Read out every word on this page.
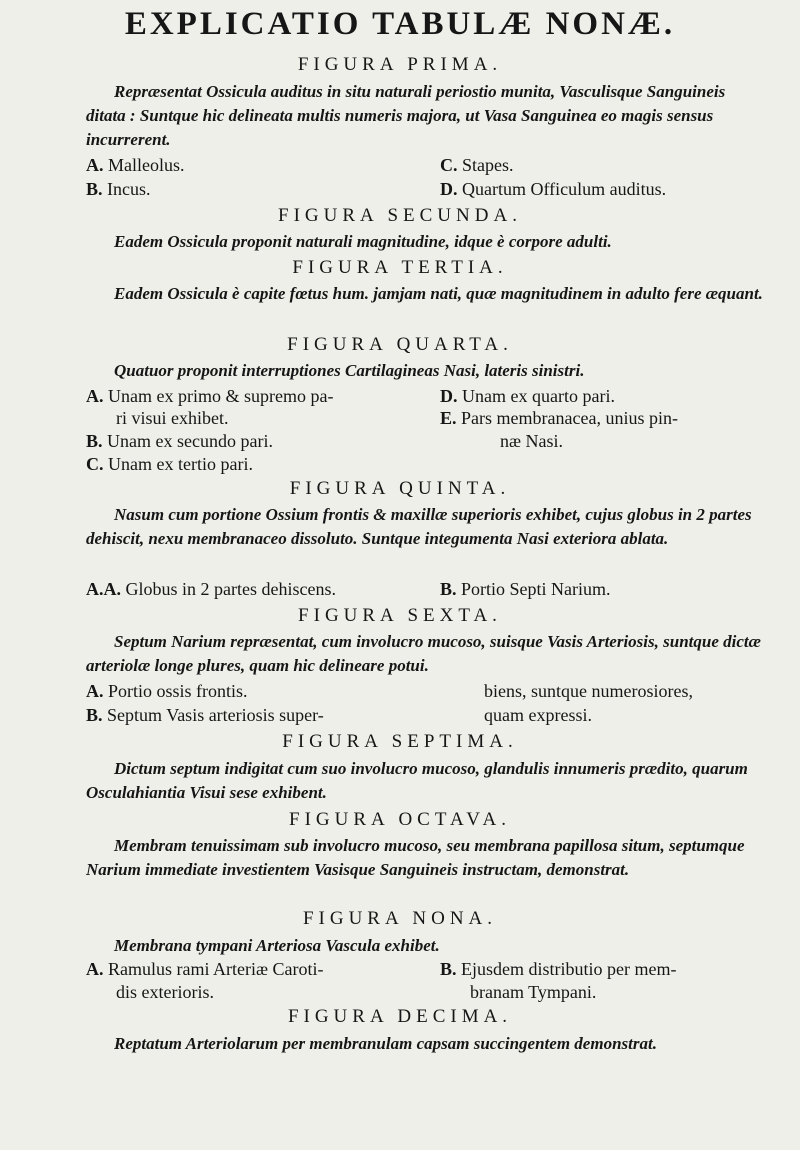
EXPLICATIO TABULÆ NONÆ.
FIGURA PRIMA.
Repræsentat Ossicula auditus in situ naturali periostio munita, Vasculisque Sanguineis ditata : Suntque hic delineata multis numeris majora, ut Vasa Sanguinea eo magis sensus incurrerent.
A. Malleolus.
B. Incus.
C. Stapes.
D. Quartum Officulum auditus.
FIGURA SECUNDA.
Eadem Ossicula proponit naturali magnitudine, idque è corpore adulti.
FIGURA TERTIA.
Eadem Ossicula è capite fœtus hum. jamjam nati, quæ magnitudinem in adulto fere æquant.
FIGURA QUARTA.
Quatuor proponit interruptiones Cartilagineas Nasi, lateris sinistri.
A. Unam ex primo & supremo pa-
ri visui exhibet.
B. Unam ex secundo pari.
C. Unam ex tertio pari.
D. Unam ex quarto pari.
E. Pars membranacea, unius pin-
næ Nasi.
FIGURA QUINTA.
Nasum cum portione Ossium frontis & maxillæ superioris exhibet, cujus globus in 2 partes dehiscit, nexu membranaceo dissoluto. Suntque integumenta Nasi exteriora ablata.
A.A. Globus in 2 partes dehiscens.	B. Portio Septi Narium.
FIGURA SEXTA.
Septum Narium repræsentat, cum involucro mucoso, suisque Vasis Arteriosis, suntque dictæ arteriolæ longe plures, quam hic delineare potui.
A. Portio ossis frontis.
B. Septum Vasis arteriosis super-
biens, suntque numerosiores,
quam expressi.
FIGURA SEPTIMA.
Dictum septum indigitat cum suo involucro mucoso, glandulis innumeris prædito, quarum Osculahiantia Visui sese exhibent.
FIGURA OCTAVA.
Membram tenuissimam sub involucro mucoso, seu membrana papillosa situm, septumque Narium immediate investientem Vasisque Sanguineis instructam, demonstrat.
FIGURA NONA.
Membrana tympani Arteriosa Vascula exhibet.
A. Ramulus rami Arteriæ Caroti-
dis exterioris.
B. Ejusdem distributio per mem-
branam Tympani.
FIGURA DECIMA.
Reptatum Arteriolarum per membranulam capsam succingentem demonstrat.
